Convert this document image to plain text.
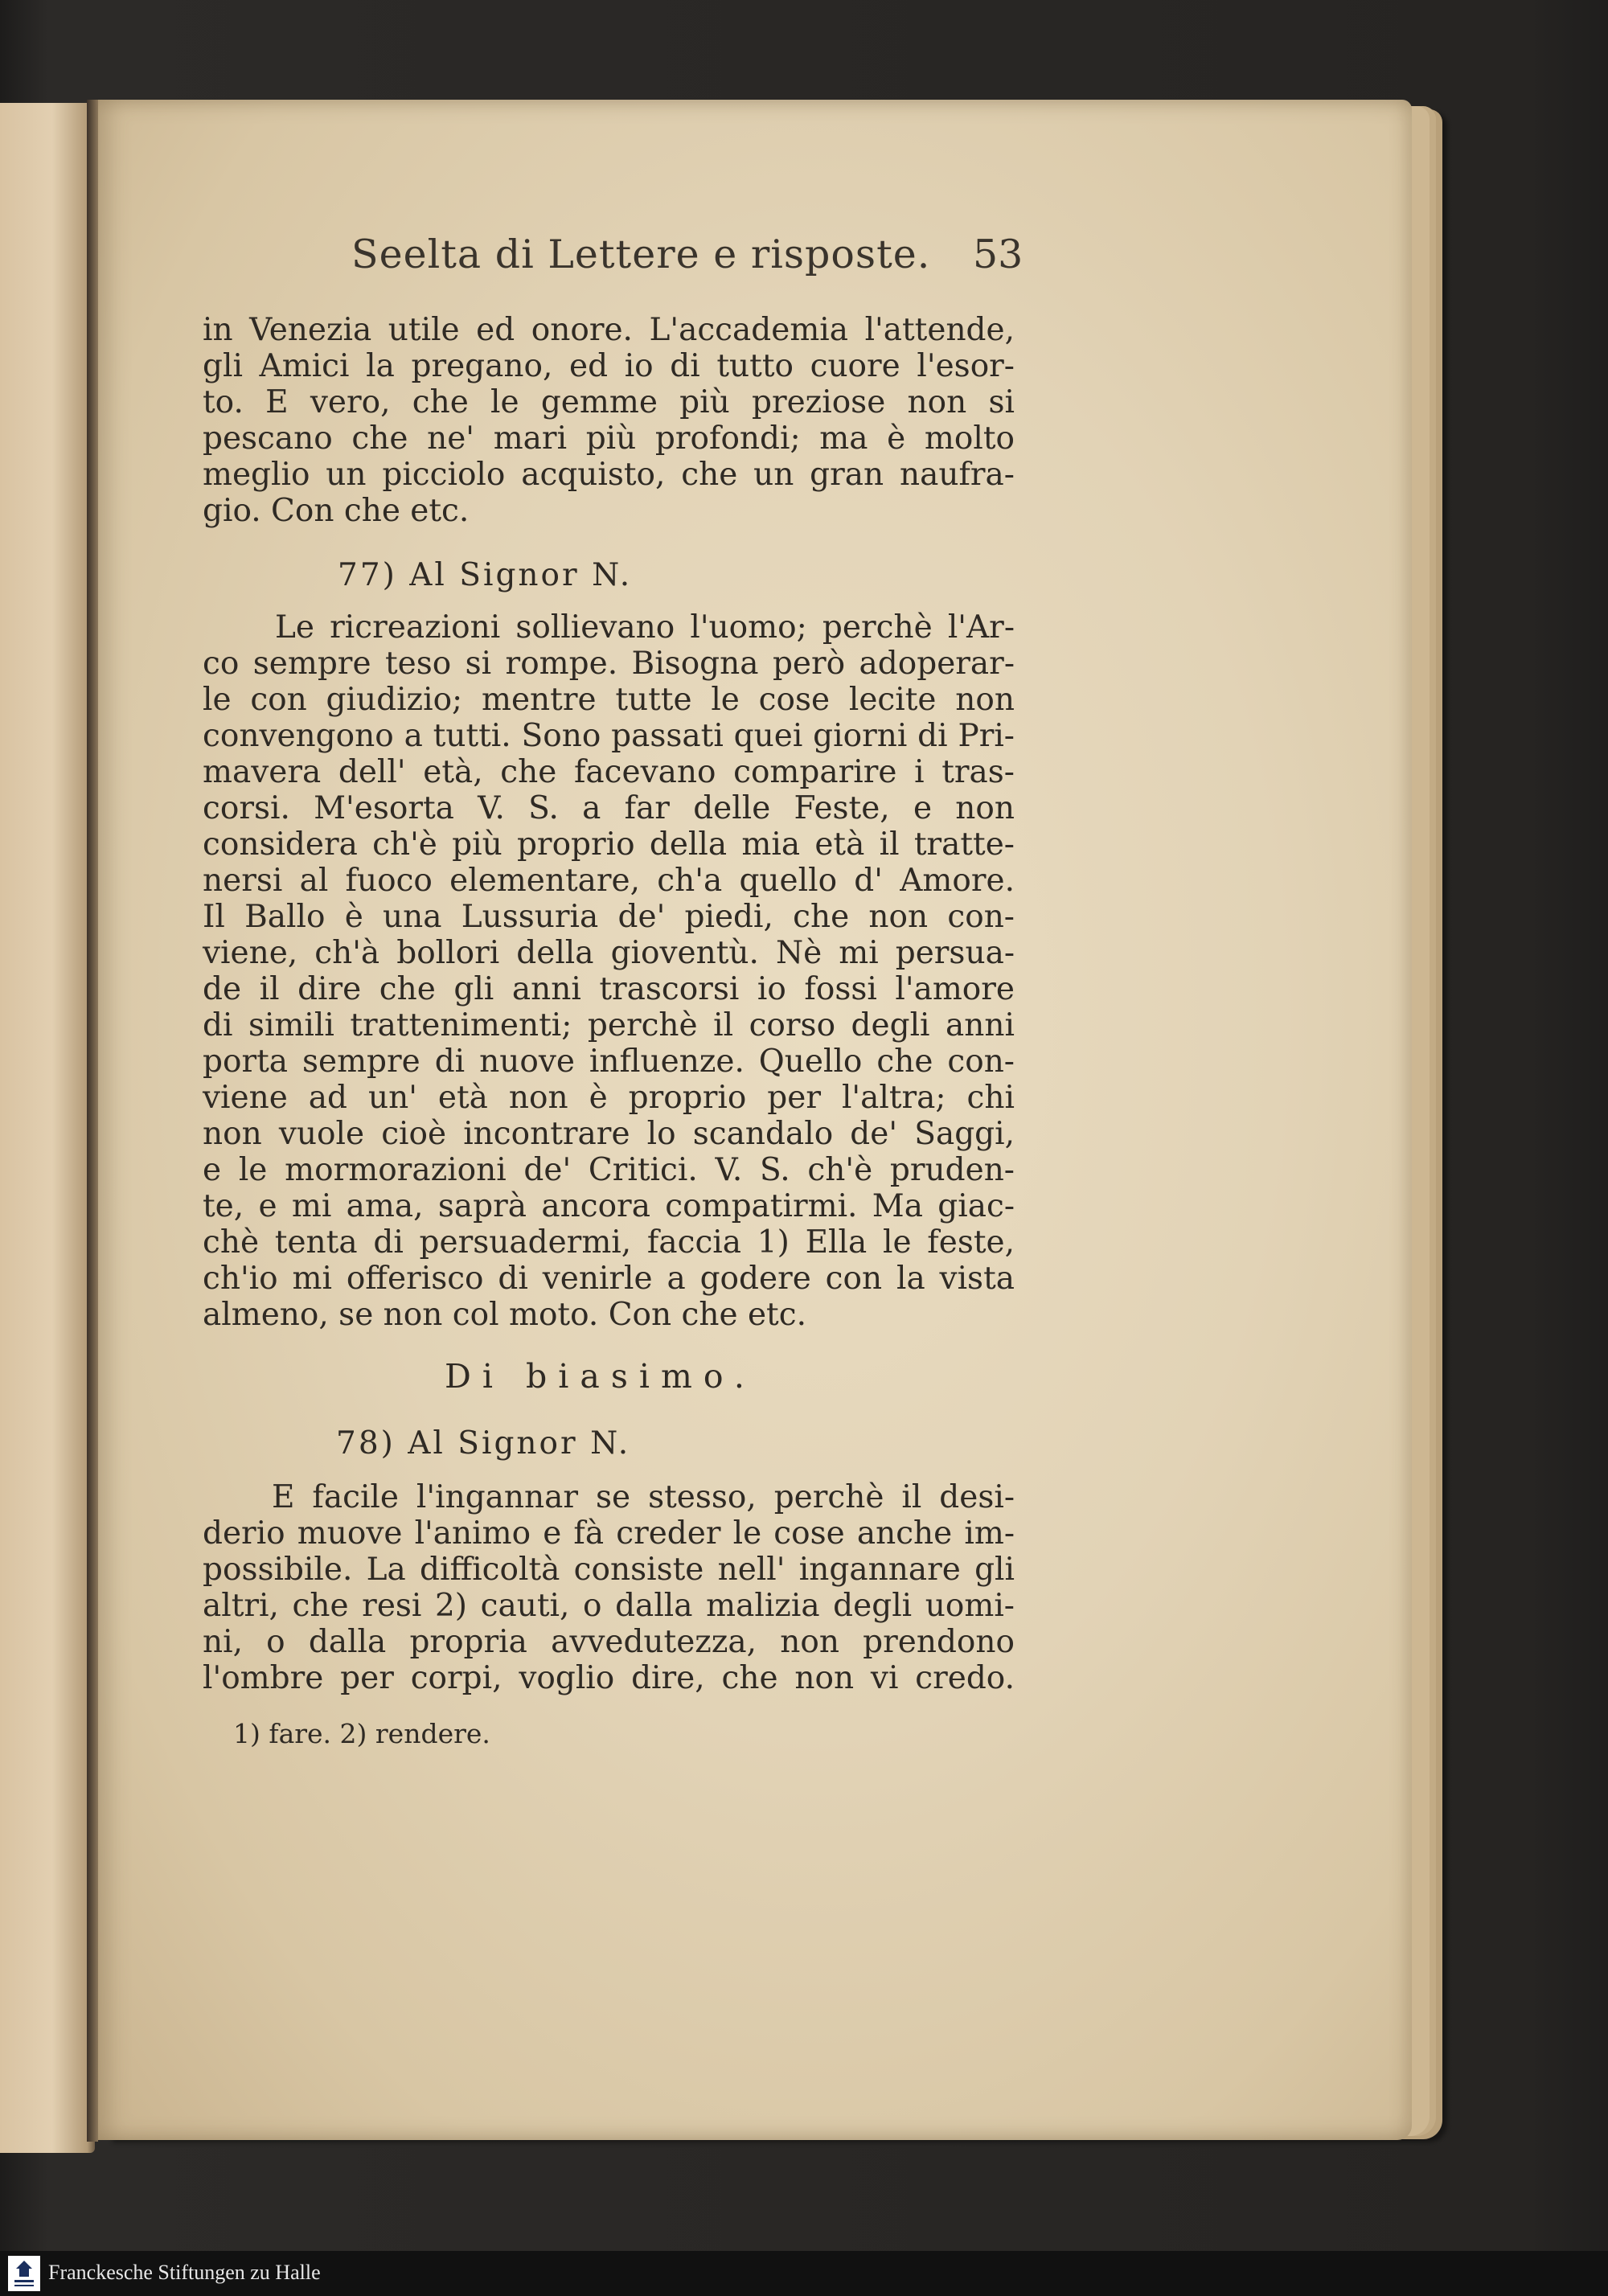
Seelta di Lettere e risposte. 53
in Venezia utile ed onore. L'accademia l'attende,
gli Amici la pregano, ed io di tutto cuore l'esor-
to. E vero, che le gemme più preziose non si
pescano che ne' mari più profondi; ma è molto
meglio un picciolo acquisto, che un gran naufra-
gio. Con che etc.
77) Al Signor N.
Le ricreazioni sollievano l'uomo; perchè l'Ar-
co sempre teso si rompe. Bisogna però adoperar-
le con giudizio; mentre tutte le cose lecite non
convengono a tutti. Sono passati quei giorni di Pri-
mavera dell' età, che facevano comparire i tras-
corsi. M'esorta V. S. a far delle Feste, e non
considera ch'è più proprio della mia età il tratte-
nersi al fuoco elementare, ch'a quello d' Amore.
Il Ballo è una Lussuria de' piedi, che non con-
viene, ch'à bollori della gioventù. Nè mi persua-
de il dire che gli anni trascorsi io fossi l'amore
di simili trattenimenti; perchè il corso degli anni
porta sempre di nuove influenze. Quello che con-
viene ad un' età non è proprio per l'altra; chi
non vuole cioè incontrare lo scandalo de' Saggi,
e le mormorazioni de' Critici. V. S. ch'è pruden-
te, e mi ama, saprà ancora compatirmi. Ma giac-
chè tenta di persuadermi, faccia 1) Ella le feste,
ch'io mi offerisco di venirle a godere con la vista
almeno, se non col moto. Con che etc.
Di biasimo.
78) Al Signor N.
E facile l'ingannar se stesso, perchè il desi-
derio muove l'animo e fà creder le cose anche im-
possibile. La difficoltà consiste nell' ingannare gli
altri, che resi 2) cauti, o dalla malizia degli uomi-
ni, o dalla propria avvedutezza, non prendono
l'ombre per corpi, voglio dire, che non vi credo.
1) fare. 2) rendere.
Franckesche Stiftungen zu Halle
